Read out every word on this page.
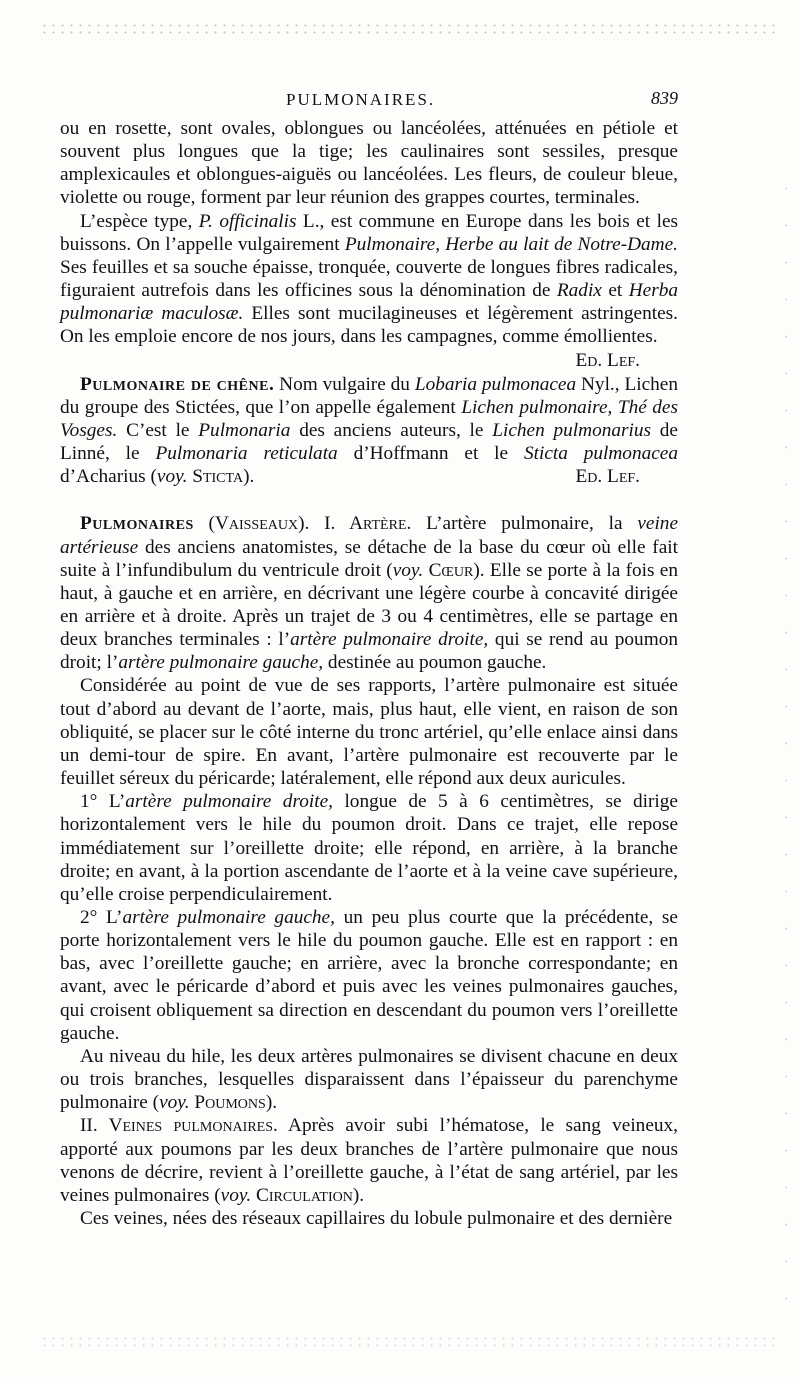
PULMONAIRES.	839

ou en rosette, sont ovales, oblongues ou lancéolées, atténuées en pétiole et souvent plus longues que la tige; les caulinaires sont sessiles, presque amplexicaules et oblongues-aiguës ou lancéolées. Les fleurs, de couleur bleue, violette ou rouge, forment par leur réunion des grappes courtes, terminales.

L’espèce type, P. officinalis L., est commune en Europe dans les bois et les buissons. On l’appelle vulgairement Pulmonaire, Herbe au lait de Notre-Dame. Ses feuilles et sa souche épaisse, tronquée, couverte de longues fibres radicales, figuraient autrefois dans les officines sous la dénomination de Radix et Herba pulmonariæ maculosæ. Elles sont mucilagineuses et légèrement astringentes. On les emploie encore de nos jours, dans les campagnes, comme émollientes.
Ed. Lef.

Pulmonaire de chêne. Nom vulgaire du Lobaria pulmonacea Nyl., Lichen du groupe des Stictées, que l’on appelle également Lichen pulmonaire, Thé des Vosges. C’est le Pulmonaria des anciens auteurs, le Lichen pulmonarius de Linné, le Pulmonaria reticulata d’Hoffmann et le Sticta pulmonacea d’Acharius (voy. Sticta).	Ed. Lef.

Pulmonaires (Vaisseaux). I. Artère. L’artère pulmonaire, la veine artérieuse des anciens anatomistes, se détache de la base du cœur où elle fait suite à l’infundibulum du ventricule droit (voy. Cœur). Elle se porte à la fois en haut, à gauche et en arrière, en décrivant une légère courbe à concavité dirigée en arrière et à droite. Après un trajet de 3 ou 4 centimètres, elle se partage en deux branches terminales : l’artère pulmonaire droite, qui se rend au poumon droit; l’artère pulmonaire gauche, destinée au poumon gauche.

Considérée au point de vue de ses rapports, l’artère pulmonaire est située tout d’abord au devant de l’aorte, mais, plus haut, elle vient, en raison de son obliquité, se placer sur le côté interne du tronc artériel, qu’elle enlace ainsi dans un demi-tour de spire. En avant, l’artère pulmonaire est recouverte par le feuillet séreux du péricarde; latéralement, elle répond aux deux auricules.

1° L’artère pulmonaire droite, longue de 5 à 6 centimètres, se dirige horizontalement vers le hile du poumon droit. Dans ce trajet, elle repose immédiatement sur l’oreillette droite; elle répond, en arrière, à la branche droite; en avant, à la portion ascendante de l’aorte et à la veine cave supérieure, qu’elle croise perpendiculairement.

2° L’artère pulmonaire gauche, un peu plus courte que la précédente, se porte horizontalement vers le hile du poumon gauche. Elle est en rapport : en bas, avec l’oreillette gauche; en arrière, avec la bronche correspondante; en avant, avec le péricarde d’abord et puis avec les veines pulmonaires gauches, qui croisent obliquement sa direction en descendant du poumon vers l’oreillette gauche.

Au niveau du hile, les deux artères pulmonaires se divisent chacune en deux ou trois branches, lesquelles disparaissent dans l’épaisseur du parenchyme pulmonaire (voy. Poumons).

II. Veines pulmonaires. Après avoir subi l’hématose, le sang veineux, apporté aux poumons par les deux branches de l’artère pulmonaire que nous venons de décrire, revient à l’oreillette gauche, à l’état de sang artériel, par les veines pulmonaires (voy. Circulation).

Ces veines, nées des réseaux capillaires du lobule pulmonaire et des dernière
